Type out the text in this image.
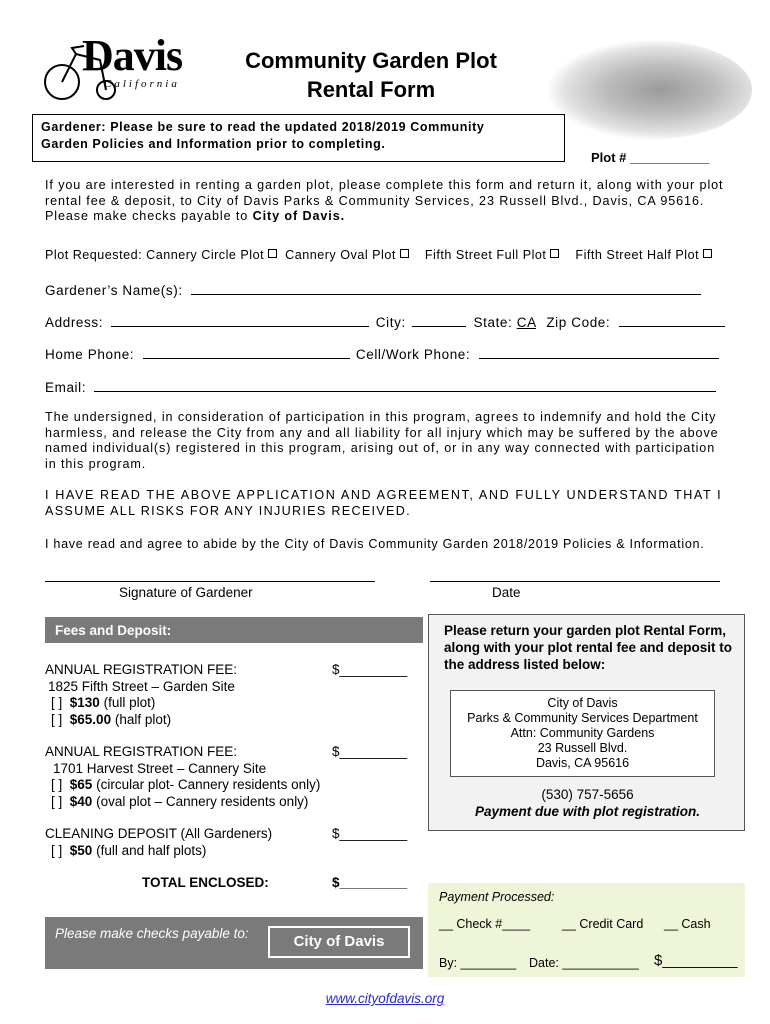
Davis
California
Community Garden Plot
Rental Form
Gardener: Please be sure to read the updated 2018/2019 Community
Garden Policies and Information prior to completing.
Plot # ___________
If you are interested in renting a garden plot, please complete this form and return it, along with your plot
rental fee & deposit, to City of Davis Parks & Community Services, 23 Russell Blvd., Davis, CA 95616.
Please make checks payable to City of Davis.
Plot Requested: Cannery Circle Plot Cannery Oval Plot Fifth Street Full Plot Fifth Street Half Plot
Gardener’s Name(s):
Address:	City:	State: CA Zip Code:
Home Phone:	Cell/Work Phone:
Email:
The undersigned, in consideration of participation in this program, agrees to indemnify and hold the City
harmless, and release the City from any and all liability for all injury which may be suffered by the above
named individual(s) registered in this program, arising out of, or in any way connected with participation
in this program.
I HAVE READ THE ABOVE APPLICATION AND AGREEMENT, AND FULLY UNDERSTAND THAT I
ASSUME ALL RISKS FOR ANY INJURIES RECEIVED.
I have read and agree to abide by the City of Davis Community Garden 2018/2019 Policies & Information.
Signature of Gardener	Date
Fees and Deposit:
ANNUAL REGISTRATION FEE:	$_________
1825 Fifth Street – Garden Site
[ ] $130 (full plot)
[ ] $65.00 (half plot)
ANNUAL REGISTRATION FEE:	$_________
1701 Harvest Street – Cannery Site
[ ] $65 (circular plot- Cannery residents only)
[ ] $40 (oval plot – Cannery residents only)
CLEANING DEPOSIT (All Gardeners)	$_________
[ ] $50 (full and half plots)
TOTAL ENCLOSED:	$_________
Please make checks payable to:	City of Davis
Please return your garden plot Rental Form,
along with your plot rental fee and deposit to
the address listed below:
City of Davis
Parks & Community Services Department
Attn: Community Gardens
23 Russell Blvd.
Davis, CA 95616
(530) 757-5656
Payment due with plot registration.
Payment Processed:
__ Check #____	__ Credit Card __ Cash
By: ________ Date: ___________ $_________
www.cityofdavis.org
